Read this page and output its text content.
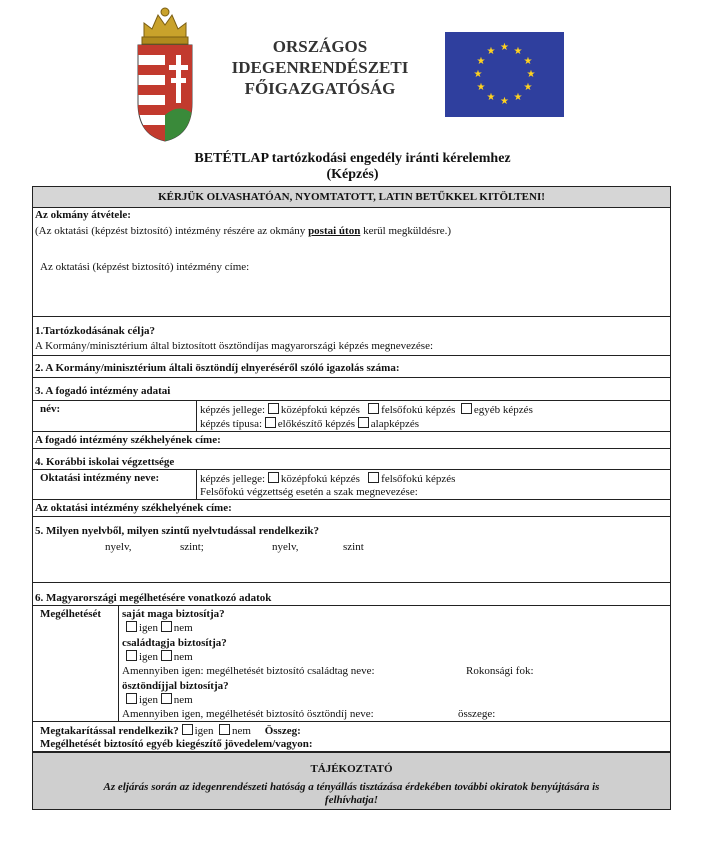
ORSZÁGOS
IDEGENRENDÉSZETI
FŐIGAZGATÓSÁG
★ ★
★
★
★
★
★
★
★
★
★
★
BETÉTLAP tartózkodási engedély iránti kérelemhez
(Képzés)
KÉRJÜK OLVASHATÓAN, NYOMTATOTT, LATIN BETŰKKEL KITÖLTENI!
Az okmány átvétele:
(Az oktatási (képzést biztosító) intézmény részére az okmány postai úton kerül megküldésre.)
Az oktatási (képzést biztosító) intézmény címe:
1.Tartózkodásának célja?
A Kormány/minisztérium által biztosított ösztöndíjas magyarországi képzés megnevezése:
2. A Kormány/minisztérium általi ösztöndíj elnyeréséről szóló igazolás száma:
3. A fogadó intézmény adatai
név:	képzés jellege: középfokú képzés felsőfokú képzés egyéb képzés
képzés típusa: előkészítő képzés alapképzés
A fogadó intézmény székhelyének címe:
4. Korábbi iskolai végzettsége
Oktatási intézmény neve:	képzés jellege: középfokú képzés felsőfokú képzés
Felsőfokú végzettség esetén a szak megnevezése:
Az oktatási intézmény székhelyének címe:
5. Milyen nyelvből, milyen szintű nyelvtudással rendelkezik?
nyelv,	szint;	nyelv,	szint
6. Magyarországi megélhetésére vonatkozó adatok
Megélhetését saját maga biztosítja?
igen nem
családtagja biztosítja?
igen nem
Amennyiben igen: megélhetését biztosító családtag neve:	Rokonsági fok:
ösztöndíjjal biztosítja?
igen nem
Amennyiben igen, megélhetését biztosító ösztöndíj neve:	összege:
Megtakarítással rendelkezik? igen nem Összeg:
Megélhetését biztosító egyéb kiegészítő jövedelem/vagyon:
TÁJÉKOZTATÓ
Az eljárás során az idegenrendészeti hatóság a tényállás tisztázása érdekében további okiratok benyújtására is
felhívhatja!
